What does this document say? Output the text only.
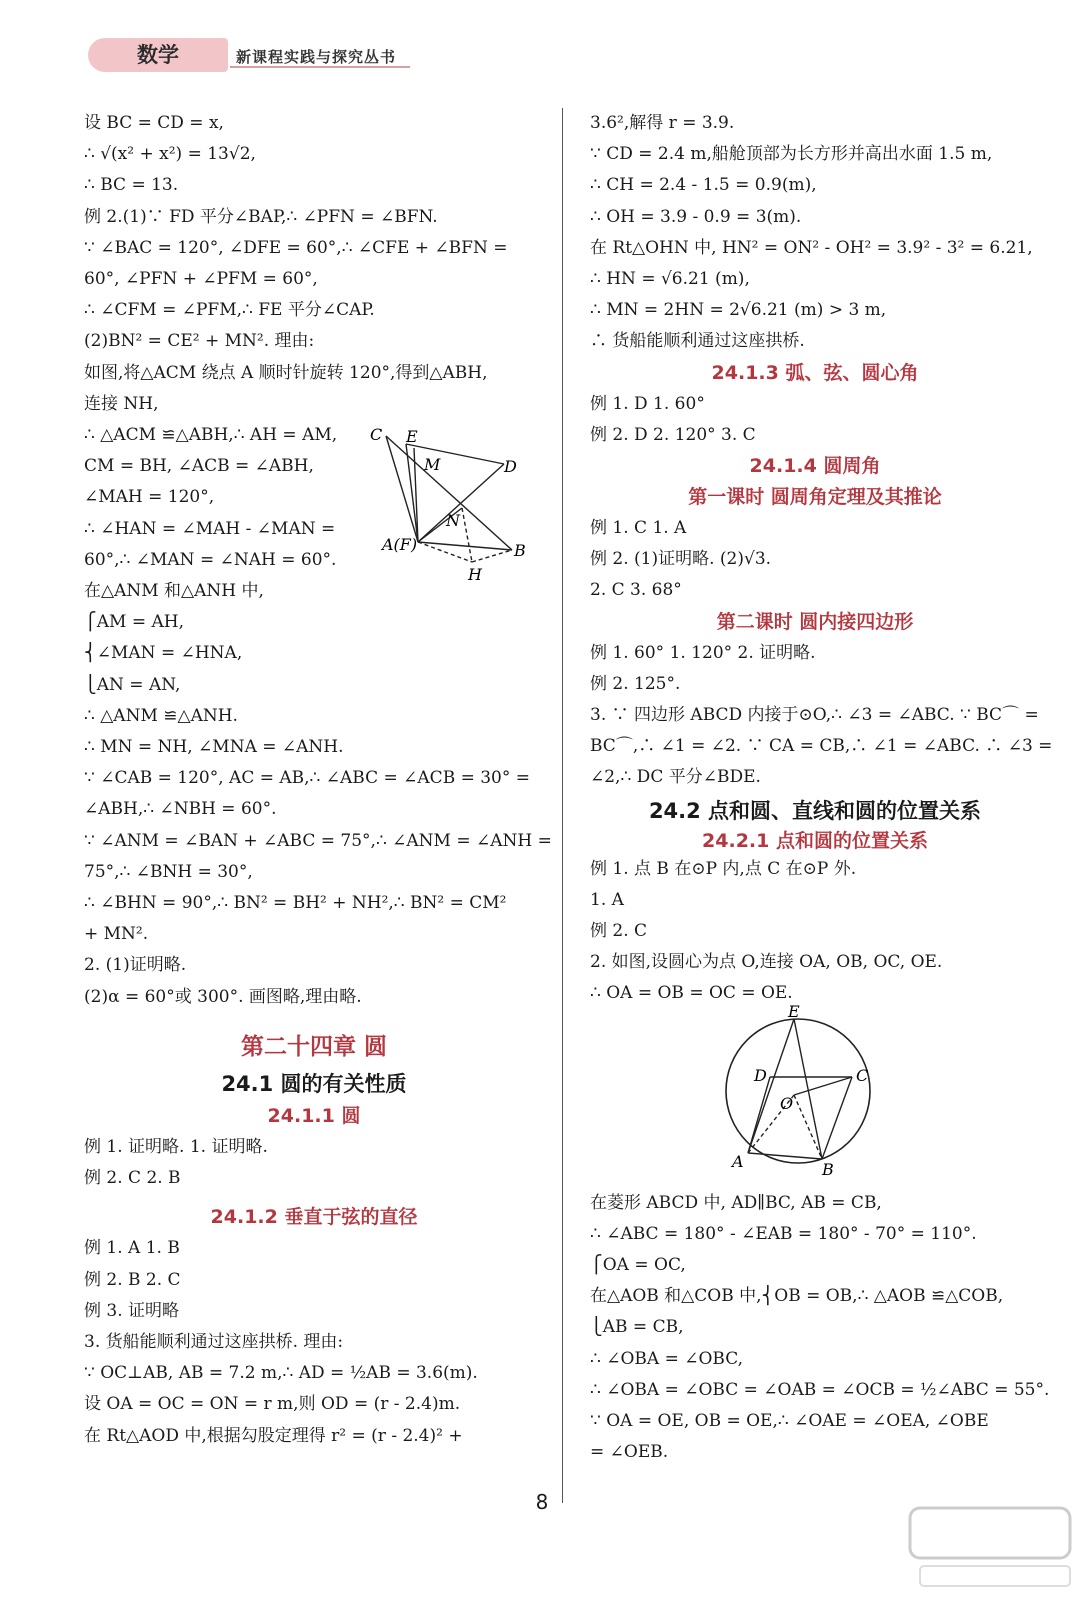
数学	新课程实践与探究丛书
设 BC = CD = x,
∴ √(x² + x²) = 13√2,
∴ BC = 13.
例 2.(1)∵ FD 平分∠BAP,∴ ∠PFN = ∠BFN.
∵ ∠BAC = 120°, ∠DFE = 60°,∴ ∠CFE + ∠BFN =
60°, ∠PFN + ∠PFM = 60°,
∴ ∠CFM = ∠PFM,∴ FE 平分∠CAP.
(2)BN² = CE² + MN². 理由:
如图,将△ACM 绕点 A 顺时针旋转 120°,得到△ABH,
连接 NH,
∴ △ACM ≌△ABH,∴ AH = AM,
CM = BH, ∠ACB = ∠ABH,
∠MAH = 120°,
∴ ∠HAN = ∠MAH - ∠MAN =
60°,∴ ∠MAN = ∠NAH = 60°.
在△ANM 和△ANH 中,
⎧AM = AH,
⎨∠MAN = ∠HNA,
⎩AN = AN,
∴ △ANM ≌△ANH.
∴ MN = NH, ∠MNA = ∠ANH.
∵ ∠CAB = 120°, AC = AB,∴ ∠ABC = ∠ACB = 30° =
∠ABH,∴ ∠NBH = 60°.
∵ ∠ANM = ∠BAN + ∠ABC = 75°,∴ ∠ANM = ∠ANH =
75°,∴ ∠BNH = 30°,
∴ ∠BHN = 90°,∴ BN² = BH² + NH²,∴ BN² = CM²
+ MN².
2. (1)证明略.
(2)α = 60°或 300°. 画图略,理由略.
第二十四章 圆
24.1 圆的有关性质
24.1.1 圆
例 1. 证明略. 1. 证明略.
例 2. C 2. B
24.1.2 垂直于弦的直径
例 1. A 1. B
例 2. B 2. C
例 3. 证明略
3. 货船能顺利通过这座拱桥. 理由:
∵ OC⊥AB, AB = 7.2 m,∴ AD = ½AB = 3.6(m).
设 OA = OC = ON = r m,则 OD = (r - 2.4)m.
在 Rt△AOD 中,根据勾股定理得 r² = (r - 2.4)² +
C E
M	D
N
A(F)	B
H
3.6²,解得 r = 3.9.
∵ CD = 2.4 m,船舱顶部为长方形并高出水面 1.5 m,
∴ CH = 2.4 - 1.5 = 0.9(m),
∴ OH = 3.9 - 0.9 = 3(m).
在 Rt△OHN 中, HN² = ON² - OH² = 3.9² - 3² = 6.21,
∴ HN = √6.21 (m),
∴ MN = 2HN = 2√6.21 (m) > 3 m,
∴ 货船能顺利通过这座拱桥.
24.1.3 弧、弦、圆心角
例 1. D 1. 60°
例 2. D 2. 120° 3. C
24.1.4 圆周角
第一课时 圆周角定理及其推论
例 1. C 1. A
例 2. (1)证明略. (2)√3.
2. C 3. 68°
第二课时 圆内接四边形
例 1. 60° 1. 120° 2. 证明略.
例 2. 125°.
3. ∵ 四边形 ABCD 内接于⊙O,∴ ∠3 = ∠ABC. ∵ BC⌒ =
BC⌒,∴ ∠1 = ∠2. ∵ CA = CB,∴ ∠1 = ∠ABC. ∴ ∠3 =
∠2,∴ DC 平分∠BDE.
24.2 点和圆、直线和圆的位置关系
24.2.1 点和圆的位置关系
例 1. 点 B 在⊙P 内,点 C 在⊙P 外.
1. A
例 2. C
2. 如图,设圆心为点 O,连接 OA, OB, OC, OE.
∴ OA = OB = OC = OE.
在菱形 ABCD 中, AD∥BC, AB = CB,
∴ ∠ABC = 180° - ∠EAB = 180° - 70° = 110°.
⎧OA = OC,
在△AOB 和△COB 中,⎨OB = OB,∴ △AOB ≌△COB,
⎩AB = CB,
∴ ∠OBA = ∠OBC,
∴ ∠OBA = ∠OBC = ∠OAB = ∠OCB = ½∠ABC = 55°.
∵ OA = OE, OB = OE,∴ ∠OAE = ∠OEA, ∠OBE
= ∠OEB.
E
D	C
O
A	B
8
